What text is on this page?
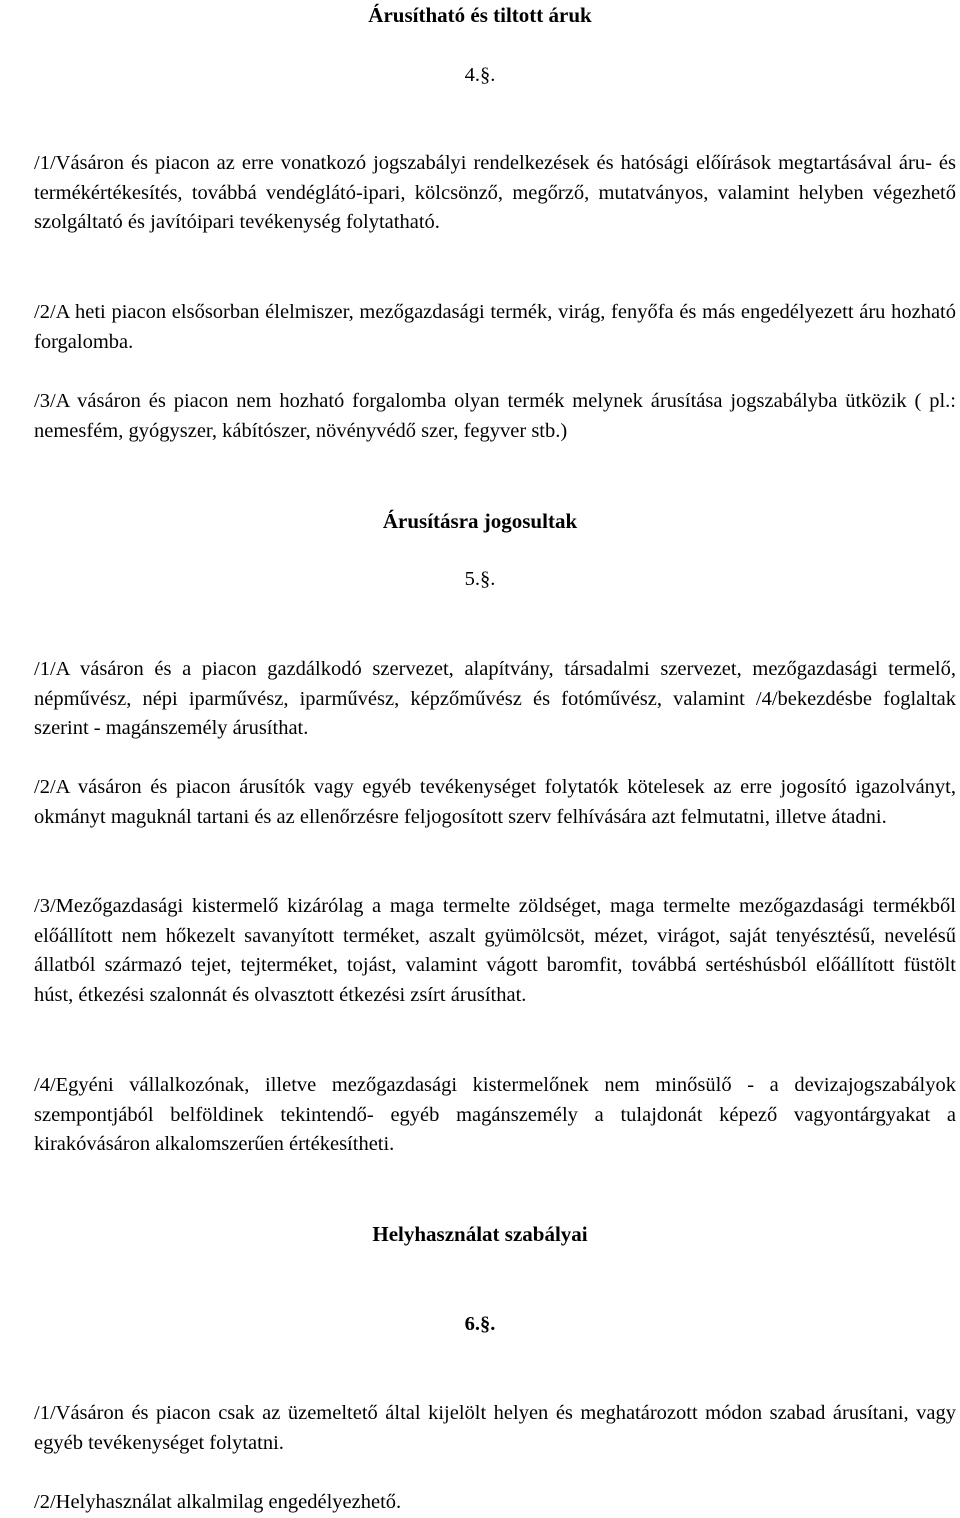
Árusítható és tiltott áruk

4.§.

/1/Vásáron és piacon az erre vonatkozó jogszabályi rendelkezések és hatósági előírások megtartásával áru- és termékértékesítés, továbbá vendéglátó-ipari, kölcsönző, megőrző, mutatványos, valamint helyben végezhető szolgáltató és javítóipari tevékenység folytatható.

/2/A heti piacon elsősorban élelmiszer, mezőgazdasági termék, virág, fenyőfa és más engedélyezett áru hozható forgalomba.

/3/A vásáron és piacon nem hozható forgalomba olyan termék melynek árusítása jogszabályba ütközik ( pl.: nemesfém, gyógyszer, kábítószer, növényvédő szer, fegyver stb.)

Árusításra jogosultak

5.§.

/1/A vásáron és a piacon gazdálkodó szervezet, alapítvány, társadalmi szervezet, mezőgazdasági termelő, népművész, népi iparművész, iparművész, képzőművész és fotóművész, valamint /4/bekezdésbe foglaltak szerint - magánszemély árusíthat.

/2/A vásáron és piacon árusítók vagy egyéb tevékenységet folytatók kötelesek az erre jogosító igazolványt, okmányt maguknál tartani és az ellenőrzésre feljogosított szerv felhívására azt felmutatni, illetve átadni.

/3/Mezőgazdasági kistermelő kizárólag a maga termelte zöldséget, maga termelte mezőgazdasági termékből előállított nem hőkezelt savanyított terméket, aszalt gyümölcsöt, mézet, virágot, saját tenyésztésű, nevelésű állatból származó tejet, tejterméket, tojást, valamint vágott baromfit, továbbá sertéshúsból előállított füstölt húst, étkezési szalonnát és olvasztott étkezési zsírt árusíthat.

/4/Egyéni vállalkozónak, illetve mezőgazdasági kistermelőnek nem minősülő - a devizajogszabályok szempontjából belföldinek tekintendő- egyéb magánszemély a tulajdonát képező vagyontárgyakat a kirakóvásáron alkalomszerűen értékesítheti.

Helyhasználat szabályai

6.§.

/1/Vásáron és piacon csak az üzemeltető által kijelölt helyen és meghatározott módon szabad árusítani, vagy egyéb tevékenységet folytatni.

/2/Helyhasználat alkalmilag engedélyezhető.
